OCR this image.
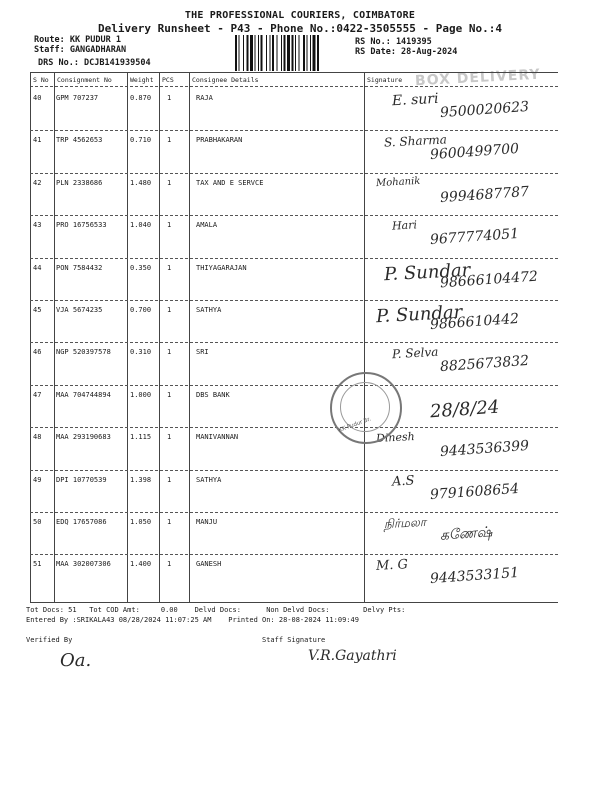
THE PROFESSIONAL COURIERS, COIMBATORE
Delivery Runsheet - P43 - Phone No.:0422-3505555 - Page No.:4
Route: KK PUDUR 1
Staff: GANGADHARAN
DRS No.: DCJB141939504
RS No.: 1419395
RS Date: 28-Aug-2024
BOX DELIVERY
S No Consignment No	Weight PCS	Consignee Details	Signature
40 GPM 707237	0.870 1	RAJA	E. suri 9500020623
41 TRP 4562653	0.710 1	PRABHAKARAN	S. Sharma
9600499700
42 PLN 2338686	1.480 1	TAX AND E SERVCE	Mohanik
9994687787
43 PRO 16756533	1.040 1	AMALA	Hari
9677774051
44 PON 7584432	0.350 1	THIYAGARAJAN	P. Sundar
98666104472
45 VJA 5674235	0.700 1	SATHYA	P. Sundar
9866610442
46 NGP 520397578	0.310 1	SRI	P. Selva 8825673832
47 MAA 704744894	1.000 1	DBS BANK
28/8/24
48 MAA 293190683	1.115 1	MANIVANNAN	Dinesh
9443536399
49 DPI 10770539	1.398 1	SATHYA	A.S 9791608654
50 EDQ 17657086	1.050 1	MANJU	நிர்மலா
கணேஷ்
51 MAA 302007306	1.400 1	GANESH	M. G 9443533151
KK Pudur Br.
Tot Docs: 51   Tot COD Amt:     0.00    Delvd Docs:      Non Delvd Docs:        Delvy Pts:
Entered By :SRIKALA43 08/28/2024 11:07:25 AM    Printed On: 28-08-2024 11:09:49
Verified By	Staff Signature
Oa.	V.R.Gayathri
